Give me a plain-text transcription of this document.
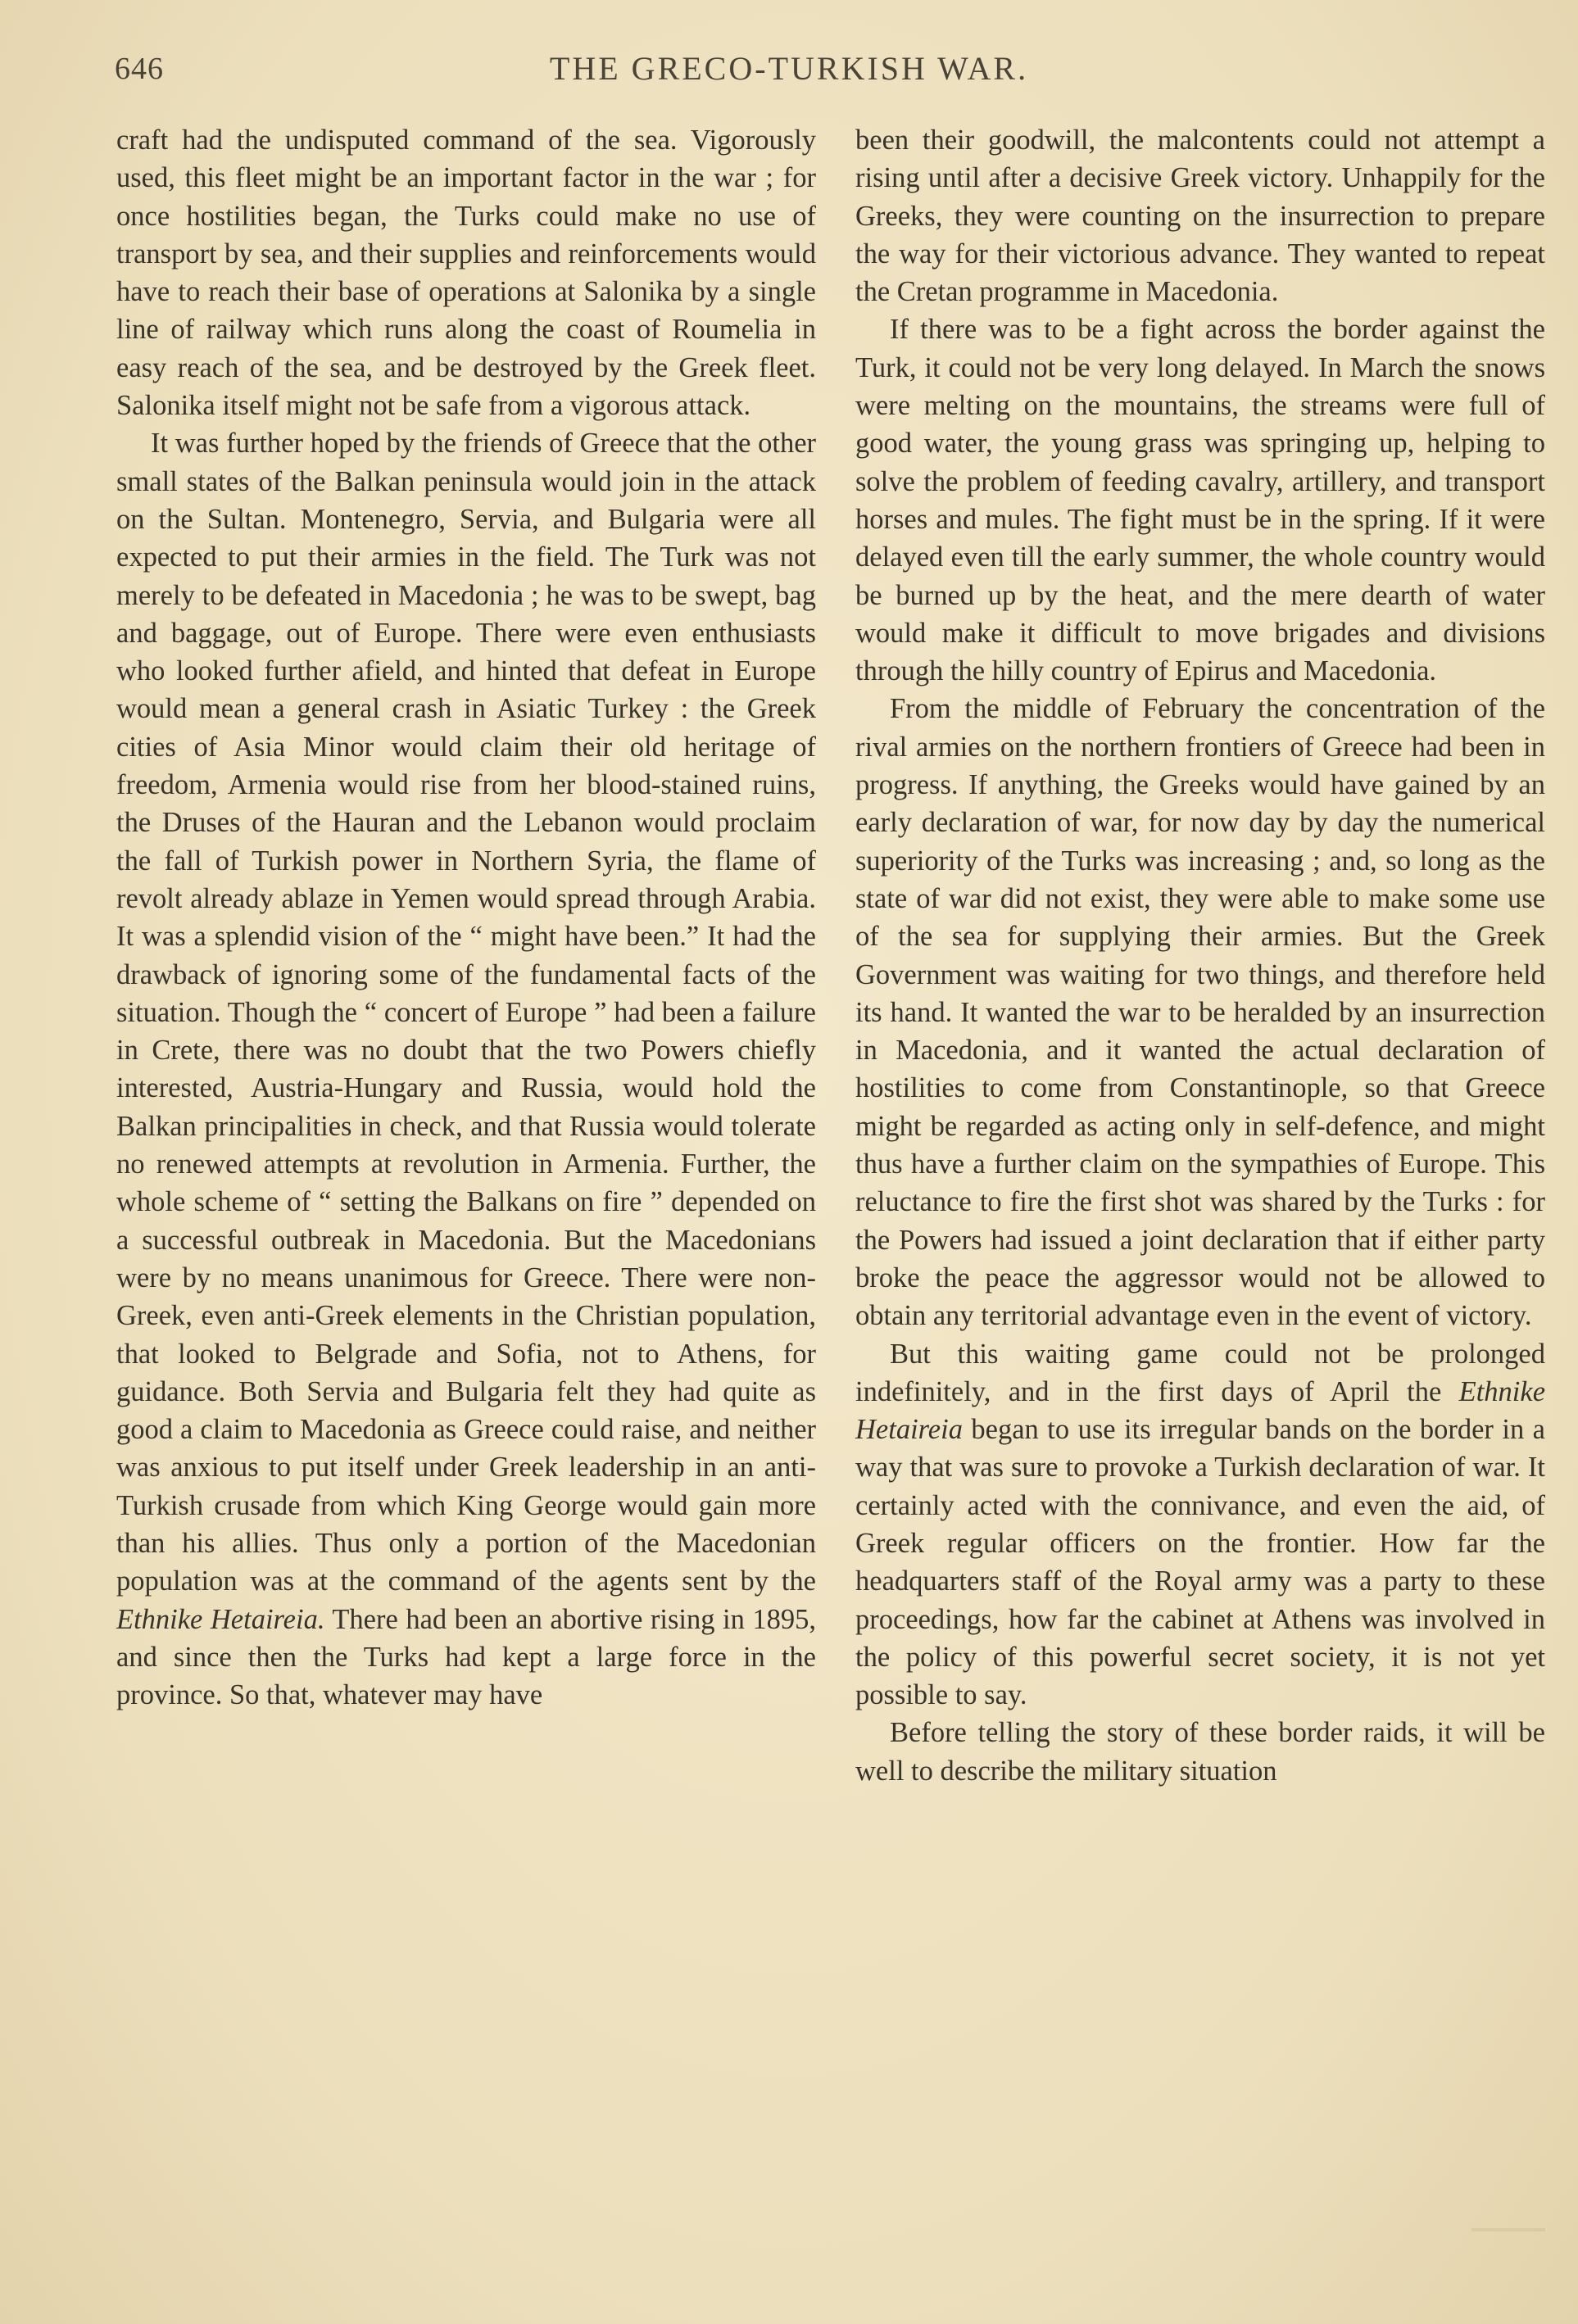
646	THE GRECO-TURKISH WAR.

craft had the undisputed command of the sea. Vigorously used, this fleet might be an important factor in the war ; for once hostilities began, the Turks could make no use of transport by sea, and their supplies and reinforcements would have to reach their base of operations at Salonika by a single line of railway which runs along the coast of Roumelia in easy reach of the sea, and be destroyed by the Greek fleet. Salonika itself might not be safe from a vigorous attack.

It was further hoped by the friends of Greece that the other small states of the Balkan peninsula would join in the attack on the Sultan. Montenegro, Servia, and Bulgaria were all expected to put their armies in the field. The Turk was not merely to be defeated in Macedonia ; he was to be swept, bag and baggage, out of Europe. There were even enthusiasts who looked further afield, and hinted that defeat in Europe would mean a general crash in Asiatic Turkey : the Greek cities of Asia Minor would claim their old heritage of freedom, Armenia would rise from her blood-stained ruins, the Druses of the Hauran and the Lebanon would proclaim the fall of Turkish power in Northern Syria, the flame of revolt already ablaze in Yemen would spread through Arabia. It was a splendid vision of the “ might have been.” It had the drawback of ignoring some of the fundamental facts of the situation. Though the “ concert of Europe ” had been a failure in Crete, there was no doubt that the two Powers chiefly interested, Austria-Hungary and Russia, would hold the Balkan principalities in check, and that Russia would tolerate no renewed attempts at revolution in Armenia. Further, the whole scheme of “ setting the Balkans on fire ” depended on a successful outbreak in Macedonia. But the Macedonians were by no means unanimous for Greece. There were non-Greek, even anti-Greek elements in the Christian population, that looked to Belgrade and Sofia, not to Athens, for guidance. Both Servia and Bulgaria felt they had quite as good a claim to Macedonia as Greece could raise, and neither was anxious to put itself under Greek leadership in an anti-Turkish crusade from which King George would gain more than his allies. Thus only a portion of the Macedonian population was at the command of the agents sent by the Ethnike Hetaireia. There had been an abortive rising in 1895, and since then the Turks had kept a large force in the province. So that, whatever may have

been their goodwill, the malcontents could not attempt a rising until after a decisive Greek victory. Unhappily for the Greeks, they were counting on the insurrection to prepare the way for their victorious advance. They wanted to repeat the Cretan programme in Macedonia.

If there was to be a fight across the border against the Turk, it could not be very long delayed. In March the snows were melting on the mountains, the streams were full of good water, the young grass was springing up, helping to solve the problem of feeding cavalry, artillery, and transport horses and mules. The fight must be in the spring. If it were delayed even till the early summer, the whole country would be burned up by the heat, and the mere dearth of water would make it difficult to move brigades and divisions through the hilly country of Epirus and Macedonia.

From the middle of February the concentration of the rival armies on the northern frontiers of Greece had been in progress. If anything, the Greeks would have gained by an early declaration of war, for now day by day the numerical superiority of the Turks was increasing ; and, so long as the state of war did not exist, they were able to make some use of the sea for supplying their armies. But the Greek Government was waiting for two things, and therefore held its hand. It wanted the war to be heralded by an insurrection in Macedonia, and it wanted the actual declaration of hostilities to come from Constantinople, so that Greece might be regarded as acting only in self-defence, and might thus have a further claim on the sympathies of Europe. This reluctance to fire the first shot was shared by the Turks : for the Powers had issued a joint declaration that if either party broke the peace the aggressor would not be allowed to obtain any territorial advantage even in the event of victory.

But this waiting game could not be prolonged indefinitely, and in the first days of April the Ethnike Hetaireia began to use its irregular bands on the border in a way that was sure to provoke a Turkish declaration of war. It certainly acted with the connivance, and even the aid, of Greek regular officers on the frontier. How far the headquarters staff of the Royal army was a party to these proceedings, how far the cabinet at Athens was involved in the policy of this powerful secret society, it is not yet possible to say.

Before telling the story of these border raids, it will be well to describe the military situation
